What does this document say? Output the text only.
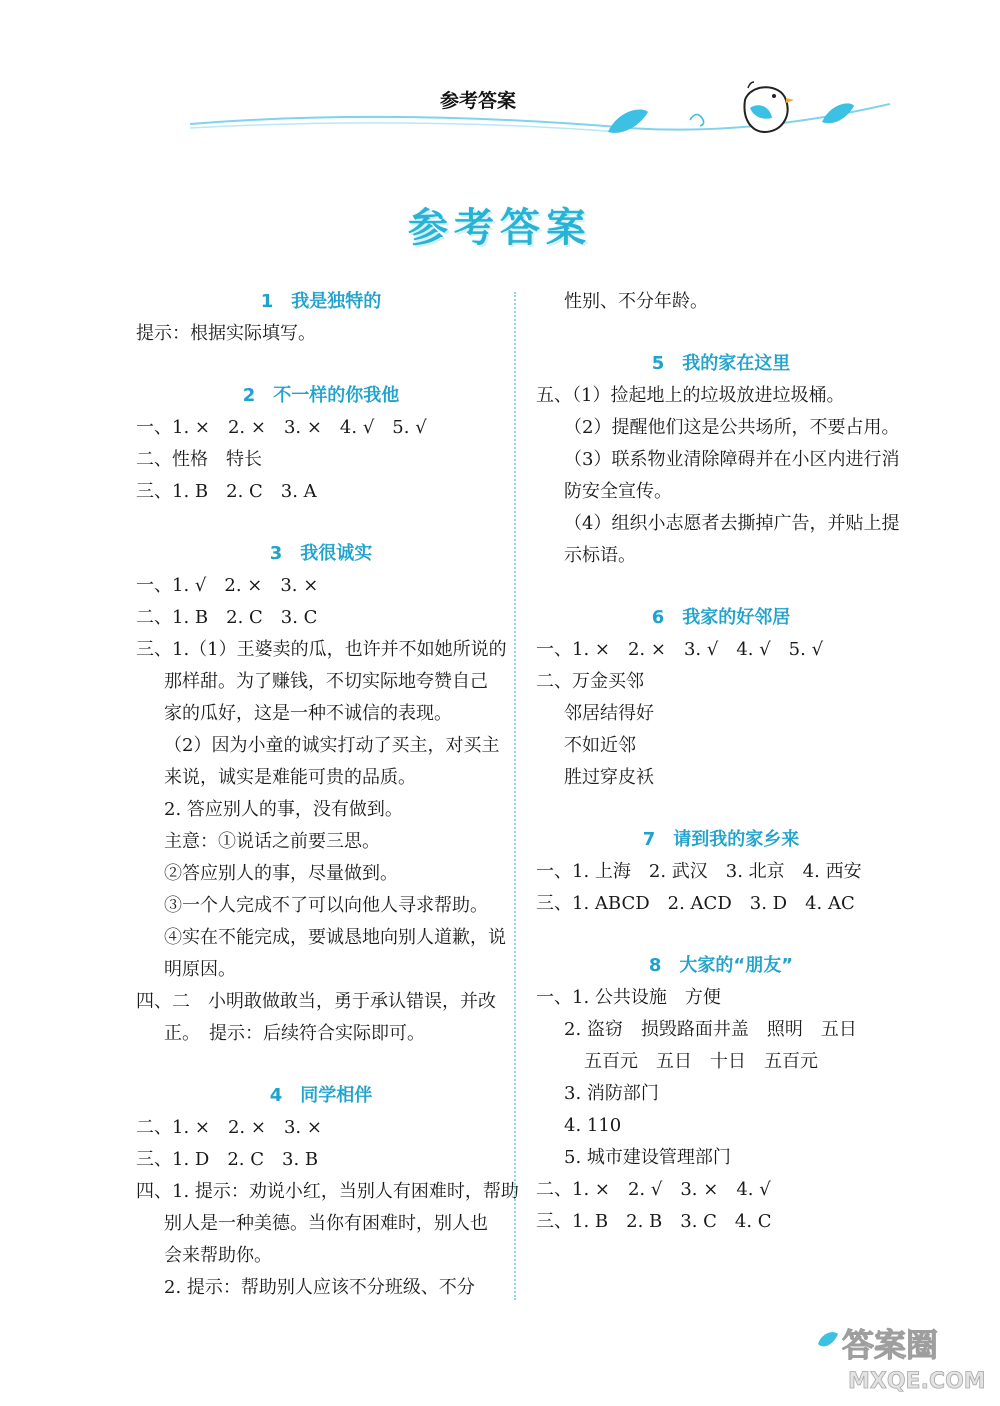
参考答案
参考答案
1　我是独特的
提示：根据实际填写。
2　不一样的你我他
一、1. ×　2. ×　3. ×　4. √　5. √
二、性格　特长
三、1. B　2. C　3. A
3　我很诚实
一、1. √　2. ×　3. ×
二、1. B　2. C　3. C
三、1.（1）王婆卖的瓜，也许并不如她所说的
那样甜。为了赚钱，不切实际地夸赞自己
家的瓜好，这是一种不诚信的表现。
（2）因为小童的诚实打动了买主，对买主
来说，诚实是难能可贵的品质。
2. 答应别人的事，没有做到。
主意：①说话之前要三思。
②答应别人的事，尽量做到。
③一个人完成不了可以向他人寻求帮助。
④实在不能完成，要诚恳地向别人道歉，说
明原因。
四、二　小明敢做敢当，勇于承认错误，并改
正。　提示：后续符合实际即可。
4　同学相伴
二、1. ×　2. ×　3. ×
三、1. D　2. C　3. B
四、1. 提示：劝说小红，当别人有困难时，帮助
别人是一种美德。当你有困难时，别人也
会来帮助你。
2. 提示：帮助别人应该不分班级、不分
性别、不分年龄。
5　我的家在这里
五、（1）捡起地上的垃圾放进垃圾桶。
（2）提醒他们这是公共场所，不要占用。
（3）联系物业清除障碍并在小区内进行消
防安全宣传。
（4）组织小志愿者去撕掉广告，并贴上提
示标语。
6　我家的好邻居
一、1. ×　2. ×　3. √　4. √　5. √
二、万金买邻
邻居结得好
不如近邻
胜过穿皮袄
7　请到我的家乡来
一、1. 上海　2. 武汉　3. 北京　4. 西安
三、1. ABCD　2. ACD　3. D　4. AC
8　大家的“朋友”
一、1. 公共设施　方便
2. 盗窃　损毁路面井盖　照明　五日
五百元　五日　十日　五百元
3. 消防部门
4. 110
5. 城市建设管理部门
二、1. ×　2. √　3. ×　4. √
三、1. B　2. B　3. C　4. C
答案圈
MXQE.COM
